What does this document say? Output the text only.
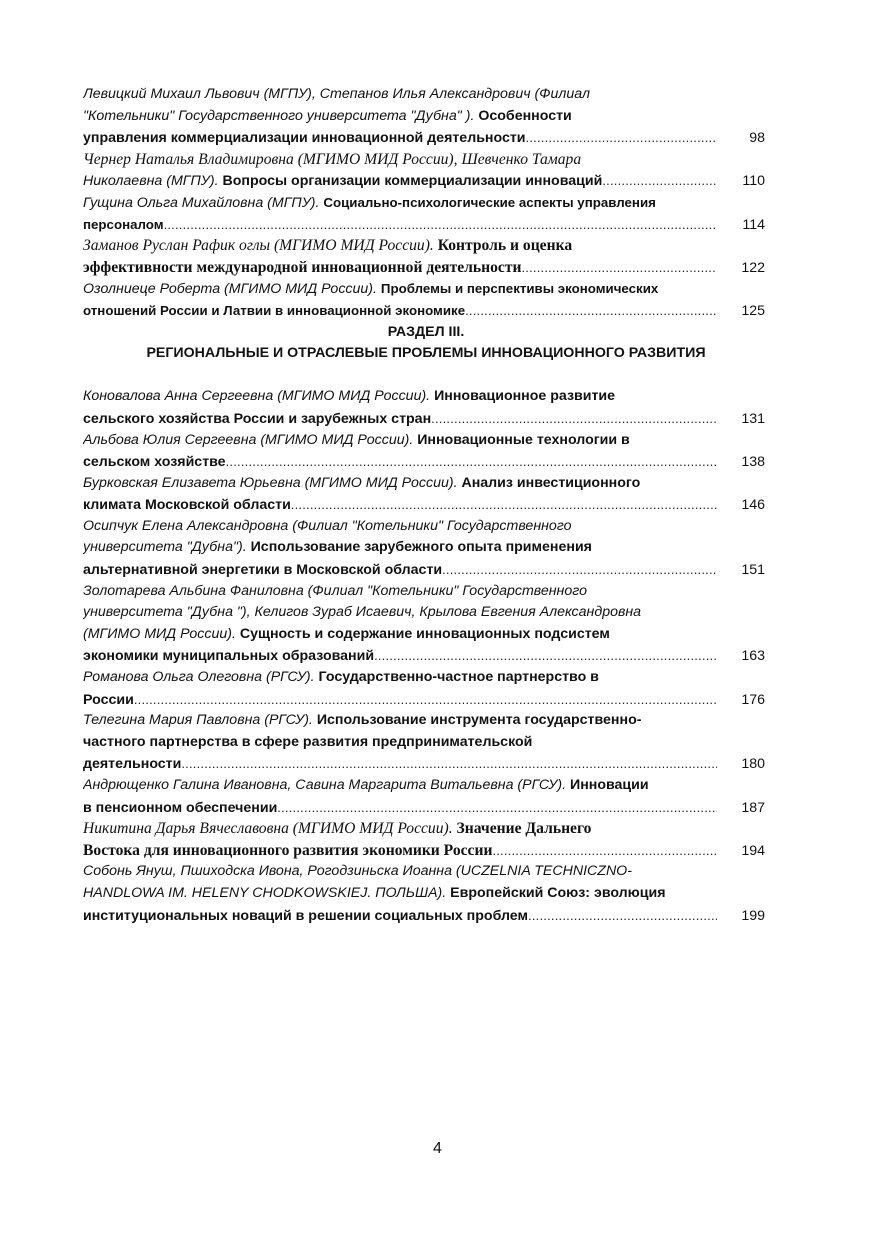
Левицкий Михаил Львович (МГПУ), Степанов Илья Александрович (Филиал
"Котельники" Государственного университета "Дубна" ). Особенности
управления коммерциализации инновационной деятельности .....	98
Чернер Наталья Владимировна (МГИМО МИД России), Шевченко Тамара
Николаевна (МГПУ). Вопросы организации коммерциализации инноваций .....	110
Гущина Ольга Михайловна (МГПУ). Социально-психологические аспекты управления
персоналом .....	114
Заманов Руслан Рафик оглы (МГИМО МИД России). Контроль и оценка
эффективности международной инновационной деятельности .....	122
Озолниеце Роберта (МГИМО МИД России). Проблемы и перспективы экономических
отношений России и Латвии в инновационной экономике .....	125
РАЗДЕЛ III.
РЕГИОНАЛЬНЫЕ И ОТРАСЛЕВЫЕ ПРОБЛЕМЫ ИННОВАЦИОННОГО РАЗВИТИЯ
Коновалова Анна Сергеевна (МГИМО МИД России). Инновационное развитие
сельского хозяйства России и зарубежных стран .....	131
Альбова Юлия Сергеевна (МГИМО МИД России). Инновационные технологии в
сельском хозяйстве .....	138
Бурковская Елизавета Юрьевна (МГИМО МИД России). Анализ инвестиционного
климата Московской области .....	146
Осипчук Елена Александровна (Филиал "Котельники" Государственного
университета "Дубна"). Использование зарубежного опыта применения
альтернативной энергетики в Московской области .....	151
Золотарева Альбина Фаниловна (Филиал "Котельники" Государственного
университета "Дубна "), Келигов Зураб Исаевич, Крылова Евгения Александровна
(МГИМО МИД России). Сущность и содержание инновационных подсистем
экономики муниципальных образований .....	163
Романова Ольга Олеговна (РГСУ). Государственно-частное партнерство в
России .....	176
Телегина Мария Павловна (РГСУ). Использование инструмента государственно-
частного партнерства в сфере развития предпринимательской
деятельности .....	180
Андрющенко Галина Ивановна, Савина Маргарита Витальевна (РГСУ). Инновации
в пенсионном обеспечении .....	187
Никитина Дарья Вячеславовна (МГИМО МИД России). Значение Дальнего
Востока для инновационного развития экономики России .....	194
Собонь Януш, Пшиходска Ивона, Рогодзиньска Иоанна (UCZELNIA TECHNICZNO-
HANDLOWA IM. HELENY CHODKOWSKIEJ. ПОЛЬША). Европейский Союз: эволюция
институциональных новаций в решении социальных проблем .....	199
4
